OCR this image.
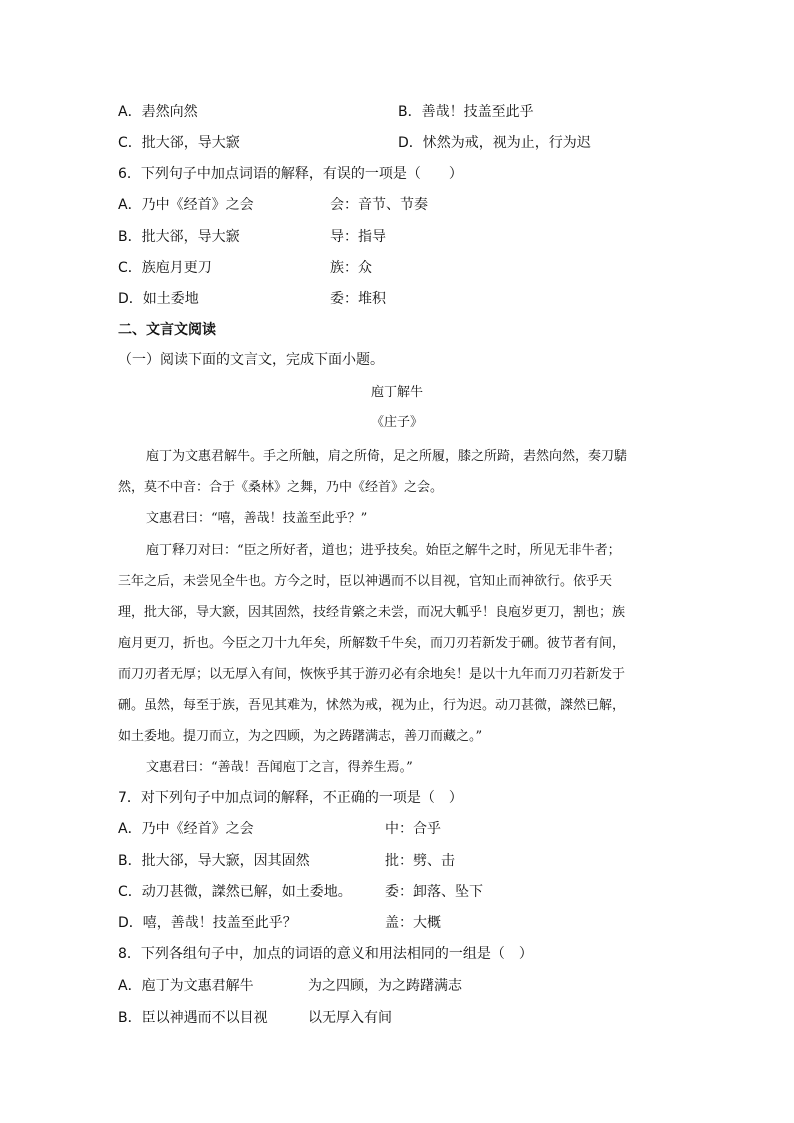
A．砉然向然	B．善哉！技盖至此乎
C．批大郤，导大窾	D．怵然为戒，视为止，行为迟
6．下列句子中加点词语的解释，有误的一项是（　　）
A．乃中《经首》之会	会：音节、节奏
B．批大郤，导大窾	导：指导
C．族庖月更刀	族：众
D．如土委地	委：堆积
二、文言文阅读
（一）阅读下面的文言文，完成下面小题。
庖丁解牛
《庄子》
庖丁为文惠君解牛。手之所触，肩之所倚，足之所履，膝之所踦，砉然向然，奏刀騞
然，莫不中音：合于《桑林》之舞，乃中《经首》之会。
文惠君曰：“嘻，善哉！技盖至此乎？”
庖丁释刀对曰：“臣之所好者，道也；进乎技矣。始臣之解牛之时，所见无非牛者；
三年之后，未尝见全牛也。方今之时，臣以神遇而不以目视，官知止而神欲行。依乎天
理，批大郤，导大窾，因其固然，技经肯綮之未尝，而况大軱乎！良庖岁更刀，割也；族
庖月更刀，折也。今臣之刀十九年矣，所解数千牛矣，而刀刃若新发于硎。彼节者有间，
而刀刃者无厚；以无厚入有间，恢恢乎其于游刃必有余地矣！是以十九年而刀刃若新发于
硎。虽然，每至于族，吾见其难为，怵然为戒，视为止，行为迟。动刀甚微，謋然已解，
如土委地。提刀而立，为之四顾，为之踌躇满志，善刀而藏之。”
文惠君曰：“善哉！吾闻庖丁之言，得养生焉。”
7．对下列句子中加点词的解释，不正确的一项是（　）
A．乃中《经首》之会	中：合乎
B．批大郤，导大窾，因其固然	批：劈、击
C．动刀甚微，謋然已解，如土委地。 委：卸落、坠下
D．嘻，善哉！技盖至此乎？	盖：大概
8．下列各组句子中，加点的词语的意义和用法相同的一组是（　）
A．庖丁为文惠君解牛	为之四顾，为之踌躇满志
B．臣以神遇而不以目视	以无厚入有间
